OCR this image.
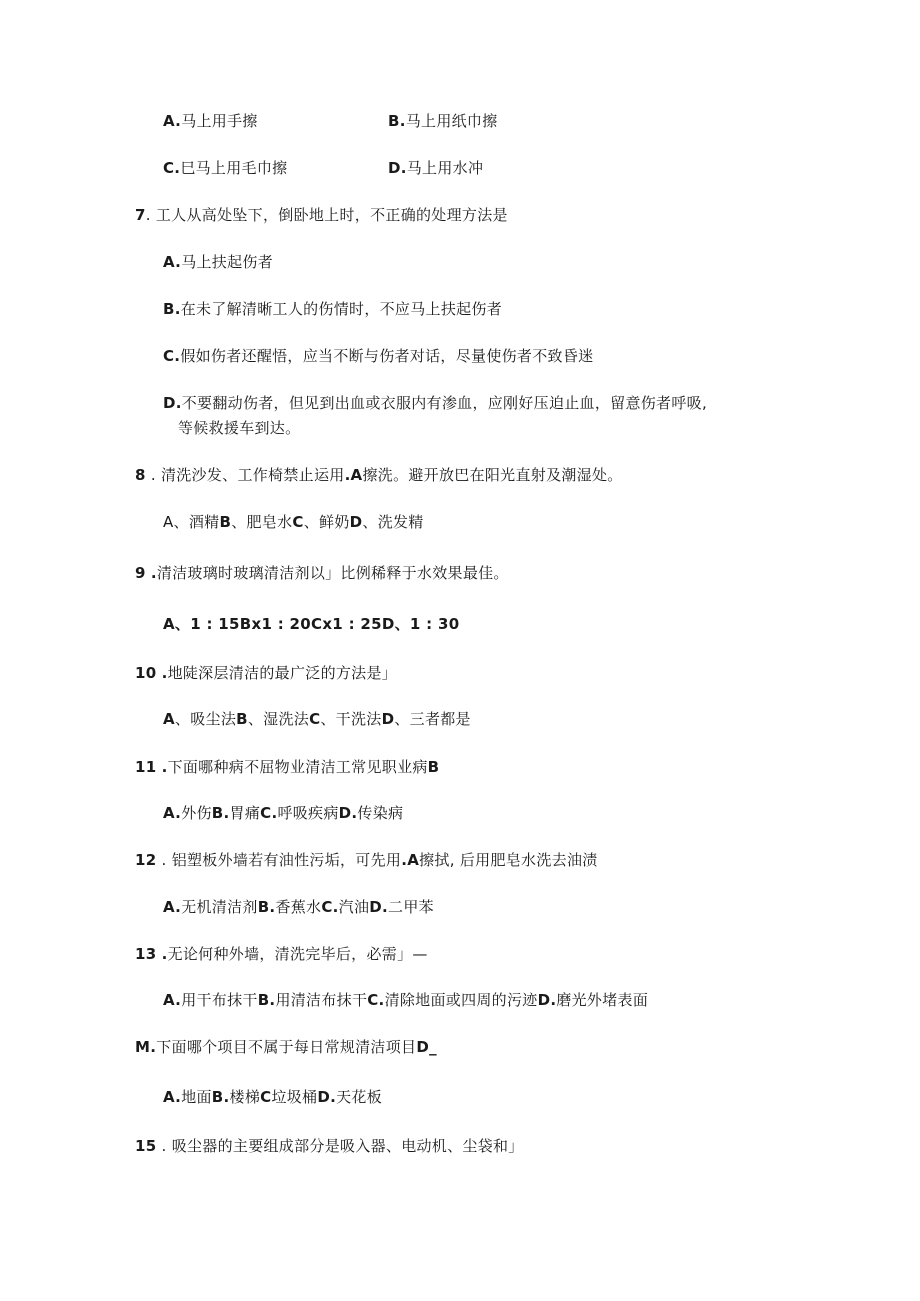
A.马上用手擦	B.马上用纸巾擦
C.巳马上用毛巾擦	D.马上用水冲
7. 工人从高处坠下，倒卧地上时，不正确的处理方法是
A.马上扶起伤者
B.在未了解清晰工人的伤情时，不应马上扶起伤者
C.假如伤者还醒悟，应当不断与伤者对话，尽量使伤者不致昏迷
D.不要翻动伤者，但见到出血或衣服内有渗血，应刚好压迫止血，留意伤者呼吸,
等候救援车到达。
8 . 清洗沙发、工作椅禁止运用.A擦洗。避开放巴在阳光直射及潮湿处。
A、酒精B、肥皂水C、鲜奶D、洗发精
9 .清洁玻璃时玻璃清洁剂以」比例稀释于水效果最佳。
A、1 : 15Bx1 : 20Cx1 : 25D、1 : 30
10 .地陡深层清洁的最广泛的方法是」
A、吸尘法B、湿洗法C、干洗法D、三者都是
11 .下面哪种病不屈物业清洁工常见职业病B
A.外伤B.胃痛C.呼吸疾病D.传染病
12 . 铝塑板外墙若有油性污垢，可先用.A擦拭, 后用肥皂水洗去油渍
A.无机清洁剂B.香蕉水C.汽油D.二甲苯
13 .无论何种外墙，清洗完毕后，必需」—
A.用干布抹干B.用清洁布抹干C.清除地面或四周的污迹D.磨光外堵表面
M.下面哪个项目不属于每日常规清洁项目D_
A.地面B.楼梯C垃圾桶D.天花板
15 . 吸尘器的主要组成部分是吸入器、电动机、尘袋和」
